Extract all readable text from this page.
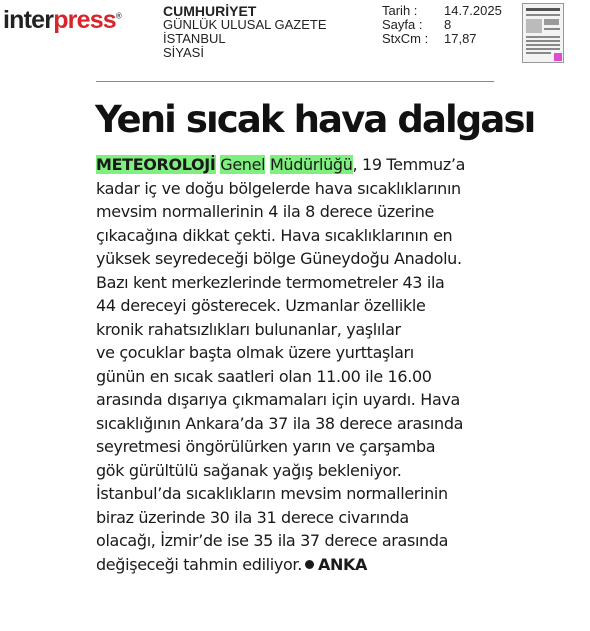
interpress®	CUMHURİYET
GÜNLÜK ULUSAL GAZETE
İSTANBUL
SİYASİ
Tarih :	14.7.2025
Sayfa :	8
StxCm :	17,87
Yeni sıcak hava dalgası
METEOROLOJİ Genel Müdürlüğü, 19 Temmuz’a
kadar iç ve doğu bölgelerde hava sıcaklıklarının
mevsim normallerinin 4 ila 8 derece üzerine
çıkacağına dikkat çekti. Hava sıcaklıklarının en
yüksek seyredeceği bölge Güneydoğu Anadolu.
Bazı kent merkezlerinde termometreler 43 ila
44 dereceyi gösterecek. Uzmanlar özellikle
kronik rahatsızlıkları bulunanlar, yaşlılar
ve çocuklar başta olmak üzere yurttaşları
günün en sıcak saatleri olan 11.00 ile 16.00
arasında dışarıya çıkmamaları için uyardı. Hava
sıcaklığının Ankara’da 37 ila 38 derece arasında
seyretmesi öngörülürken yarın ve çarşamba
gök gürültülü sağanak yağış bekleniyor.
İstanbul’da sıcaklıkların mevsim normallerinin
biraz üzerinde 30 ila 31 derece civarında
olacağı, İzmir’de ise 35 ila 37 derece arasında
değişeceği tahmin ediliyor. ANKA
